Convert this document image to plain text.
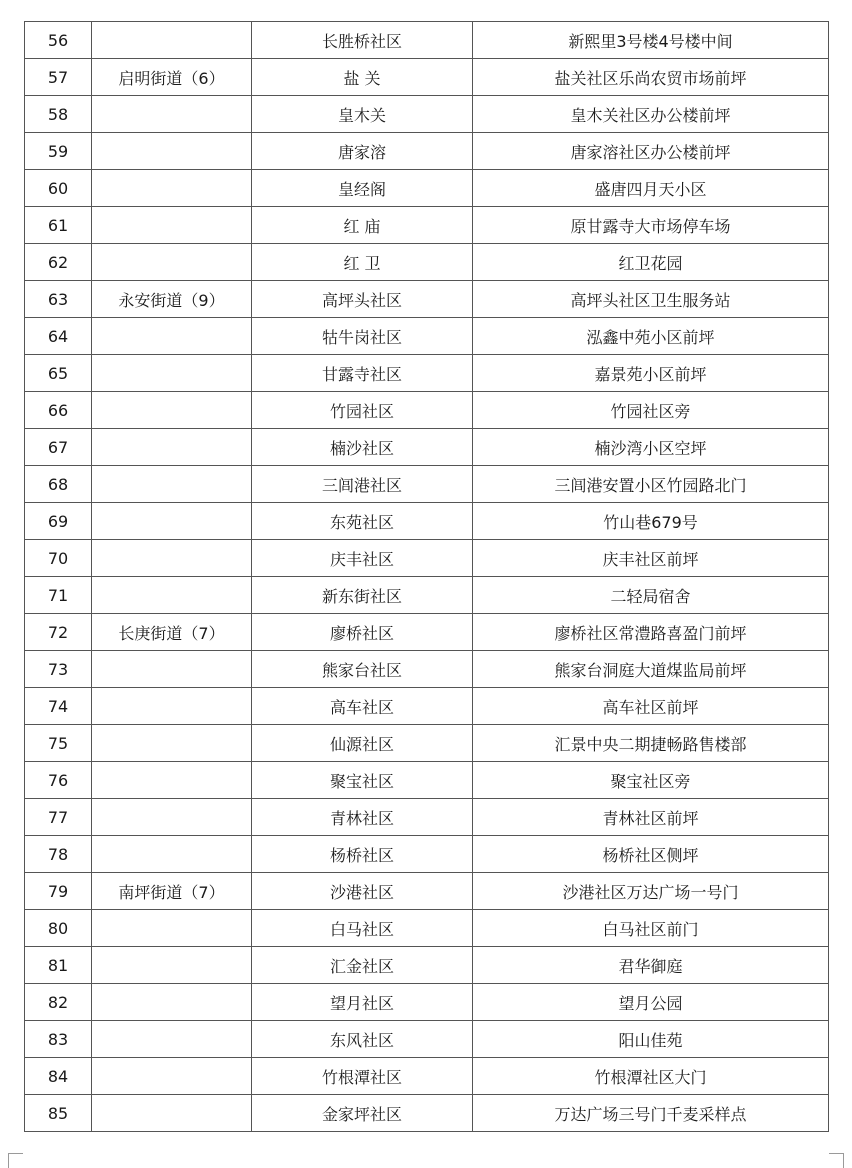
56		长胜桥社区	新熙里3号楼4号楼中间
57	启明街道（6）	盐 关	盐关社区乐尚农贸市场前坪
58		皇木关	皇木关社区办公楼前坪
59		唐家溶	唐家溶社区办公楼前坪
60		皇经阁	盛唐四月天小区
61		红 庙	原甘露寺大市场停车场
62		红 卫	红卫花园
63	永安街道（9）	高坪头社区	高坪头社区卫生服务站
64		牯牛岗社区	泓鑫中苑小区前坪
65		甘露寺社区	嘉景苑小区前坪
66		竹园社区	竹园社区旁
67		楠沙社区	楠沙湾小区空坪
68		三闾港社区	三闾港安置小区竹园路北门
69		东苑社区	竹山巷679号
70		庆丰社区	庆丰社区前坪
71		新东街社区	二轻局宿舍
72	长庚街道（7）	廖桥社区	廖桥社区常澧路喜盈门前坪
73		熊家台社区	熊家台洞庭大道煤监局前坪
74		高车社区	高车社区前坪
75		仙源社区	汇景中央二期捷畅路售楼部
76		聚宝社区	聚宝社区旁
77		青林社区	青林社区前坪
78		杨桥社区	杨桥社区侧坪
79	南坪街道（7）	沙港社区	沙港社区万达广场一号门
80		白马社区	白马社区前门
81		汇金社区	君华御庭
82		望月社区	望月公园
83		东风社区	阳山佳苑
84		竹根潭社区	竹根潭社区大门
85		金家坪社区	万达广场三号门千麦采样点
